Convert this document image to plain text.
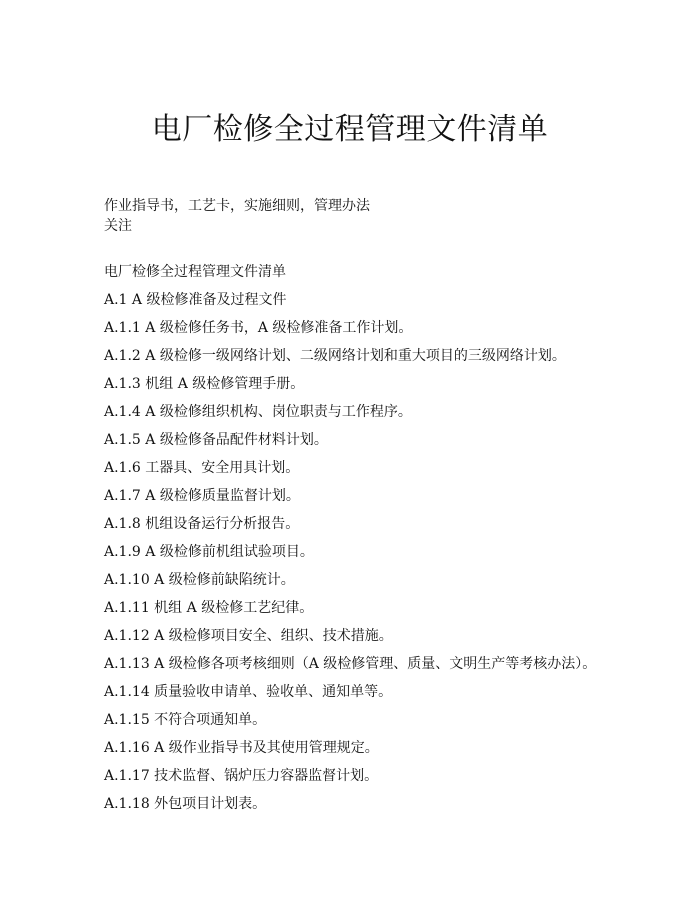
电厂检修全过程管理文件清单
作业指导书，工艺卡，实施细则，管理办法
关注
电厂检修全过程管理文件清单
A.1 A 级检修准备及过程文件
A.1.1 A 级检修任务书，A 级检修准备工作计划。
A.1.2 A 级检修一级网络计划、二级网络计划和重大项目的三级网络计划。
A.1.3 机组 A 级检修管理手册。
A.1.4 A 级检修组织机构、岗位职责与工作程序。
A.1.5 A 级检修备品配件材料计划。
A.1.6 工器具、安全用具计划。
A.1.7 A 级检修质量监督计划。
A.1.8 机组设备运行分析报告。
A.1.9 A 级检修前机组试验项目。
A.1.10 A 级检修前缺陷统计。
A.1.11 机组 A 级检修工艺纪律。
A.1.12 A 级检修项目安全、组织、技术措施。
A.1.13 A 级检修各项考核细则（A 级检修管理、质量、文明生产等考核办法）。
A.1.14 质量验收申请单、验收单、通知单等。
A.1.15 不符合项通知单。
A.1.16 A 级作业指导书及其使用管理规定。
A.1.17 技术监督、锅炉压力容器监督计划。
A.1.18 外包项目计划表。
